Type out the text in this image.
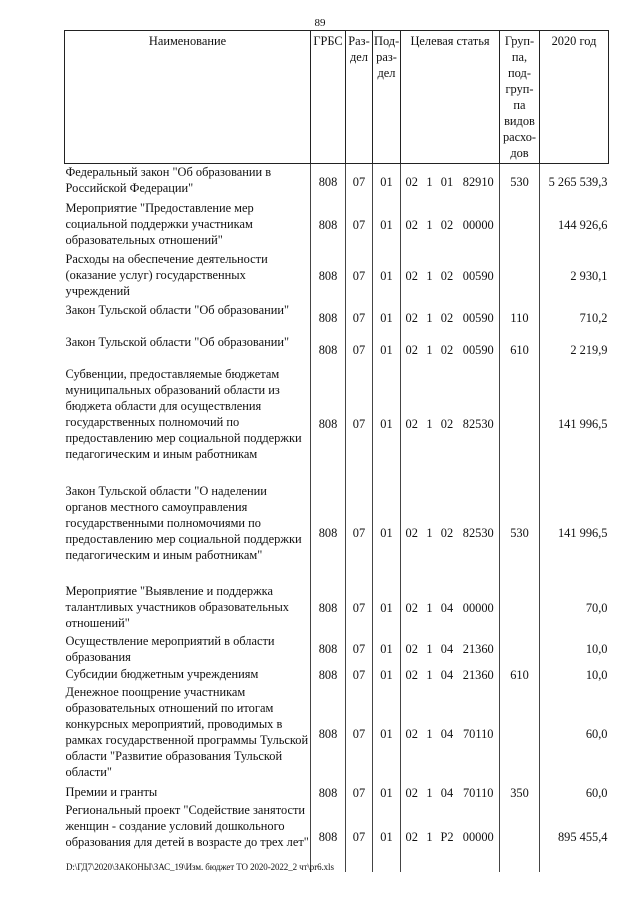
89
Наименование	ГРБС	Раз-дел	Под-раз-дел	Целевая статья				Груп-па, под-груп-па видов расхо-дов	2020 год
Федеральный закон "Об образовании в Российской Федерации"	808	07	01	02	1	01	82910	530	5 265 539,3
Мероприятие "Предоставление мер социальной поддержки участникам образовательных отношений"	808	07	01	02	1	02	00000		144 926,6
Расходы на обеспечение деятельности (оказание услуг) государственных учреждений	808	07	01	02	1	02	00590		2 930,1
Закон Тульской области "Об образовании"	808	07	01	02	1	02	00590	110	710,2
Закон Тульской области "Об образовании"	808	07	01	02	1	02	00590	610	2 219,9
Субвенции, предоставляемые бюджетам муниципальных образований области из бюджета области для осуществления государственных полномочий по предоставлению мер социальной поддержки педагогическим и иным работникам	808	07	01	02	1	02	82530		141 996,5
Закон Тульской области "О наделении органов местного самоуправления государственными полномочиями по предоставлению мер социальной поддержки педагогическим и иным работникам"	808	07	01	02	1	02	82530	530	141 996,5
Мероприятие "Выявление и поддержка талантливых участников образовательных отношений"	808	07	01	02	1	04	00000		70,0
Осуществление мероприятий в области образования	808	07	01	02	1	04	21360		10,0
Субсидии бюджетным учреждениям	808	07	01	02	1	04	21360	610	10,0
Денежное поощрение участникам образовательных отношений по итогам конкурсных мероприятий, проводимых в рамках государственной программы Тульской области "Развитие образования Тульской области"	808	07	01	02	1	04	70110		60,0
Премии и гранты	808	07	01	02	1	04	70110	350	60,0
Региональный проект "Содействие занятости женщин - создание условий дошкольного образования для детей в возрасте до трех лет"	808	07	01	02	1	P2	00000		895 455,4
D:\ГД7\2020\ЗАКОНЫ\ЗАС_19\Изм. бюджет ТО 2020-2022_2 чт\pr6.xls
